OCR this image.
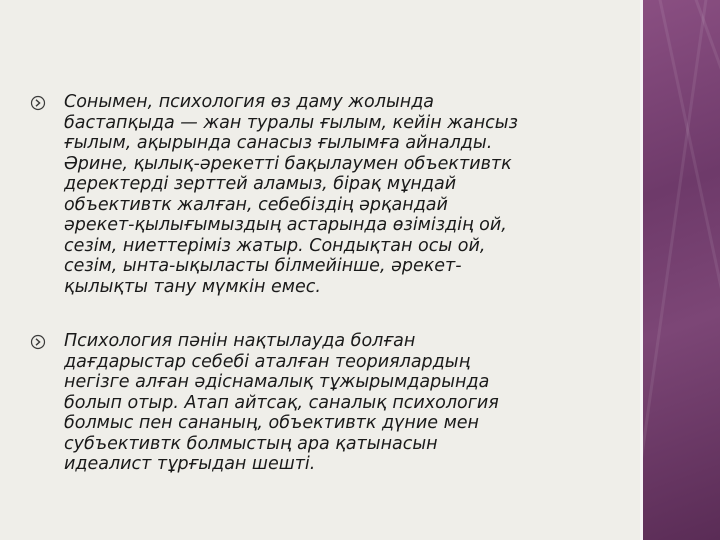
Сонымен, психология өз даму жолында
бастапқыда — жан туралы ғылым, кейін жансыз
ғылым, ақырында санасыз ғылымға айналды.
Әрине, қылық-әрекетті бақылаумен объективтк
деректерді зерттей аламыз, бірақ мұндай
объективтк жалған, себебіздің әрқандай
әрекет-қылығымыздың астарында өзіміздің ой,
сезім, ниеттеріміз жатыр. Сондықтан осы ой,
сезім, ынта-ықыласты білмейінше, әрекет-
қылықты тану мүмкін емес.
Психология пәнін нақтылауда болған
дағдарыстар себебі аталған теориялардың
негізге алған әдіснамалық тұжырымдарында
болып отыр. Атап айтсақ, саналық психология
болмыс пен сананың, объективтк дүние мен
субъективтк болмыстың ара қатынасын
идеалист тұрғыдан шешті.
